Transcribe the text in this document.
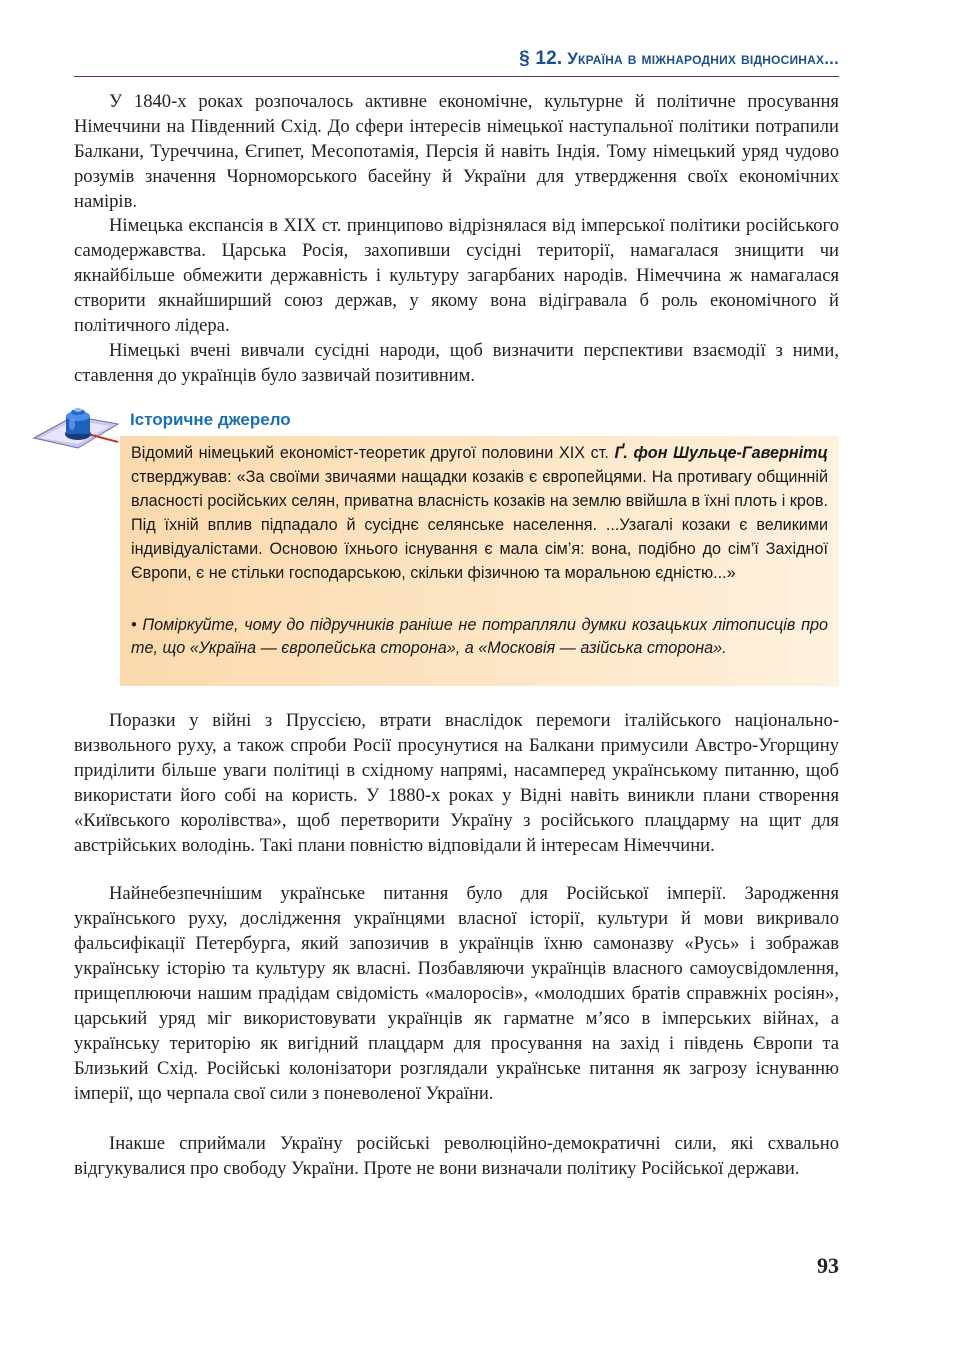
§ 12. Україна в міжнародних відносинах...

У 1840-х роках розпочалось активне економічне, культурне й політичне просування Німеччини на Південний Схід. До сфери інтересів німецької наступальної політики потрапили Балкани, Туреччина, Єгипет, Месопотамія, Персія й навіть Індія. Тому німецький уряд чудово розумів значення Чорноморського басейну й України для утвердження своїх економічних намірів.

Німецька експансія в XIX ст. принципово відрізнялася від імперської політики російського самодержавства. Царська Росія, захопивши сусідні території, намагалася знищити чи якнайбільше обмежити державність і культуру загарбаних народів. Німеччина ж намагалася створити якнайширший союз держав, у якому вона відігравала б роль економічного й політичного лідера.

Німецькі вчені вивчали сусідні народи, щоб визначити перспективи взаємодії з ними, ставлення до українців було зазвичай позитивним.

Історичне джерело

Відомий німецький економіст-теоретик другої половини XIX ст. Ґ. фон Шульце-Гавернітц стверджував: «За своїми звичаями нащадки козаків є європейцями. На противагу общинній власності російських селян, приватна власність козаків на землю ввійшла в їхні плоть і кров. Під їхній вплив підпадало й сусіднє селянське населення. ...Узагалі козаки є великими індивідуалістами. Основою їхнього існування є мала сім’я: вона, подібно до сім’ї Західної Європи, є не стільки господарською, скільки фізичною та моральною єдністю...»

• Поміркуйте, чому до підручників раніше не потрапляли думки козацьких літописців про те, що «Україна — європейська сторона», а «Московія — азійська сторона».

Поразки у війні з Пруссією, втрати внаслідок перемоги італійського національно-визвольного руху, а також спроби Росії просунутися на Балкани примусили Австро-Угорщину приділити більше уваги політиці в східному напрямі, насамперед українському питанню, щоб використати його собі на користь. У 1880-х роках у Відні навіть виникли плани створення «Київського королівства», щоб перетворити Україну з російського плацдарму на щит для австрійських володінь. Такі плани повністю відповідали й інтересам Німеччини.

Найнебезпечнішим українське питання було для Російської імперії. Зародження українського руху, дослідження українцями власної історії, культури й мови викривало фальсифікації Петербурга, який запозичив в українців їхню самоназву «Русь» і зображав українську історію та культуру як власні. Позбавляючи українців власного самоусвідомлення, прищеплюючи нашим прадідам свідомість «малоросів», «молодших братів справжніх росіян», царський уряд міг використовувати українців як гарматне м’ясо в імперських війнах, а українську територію як вигідний плацдарм для просування на захід і південь Європи та Близький Схід. Російські колонізатори розглядали українське питання як загрозу існуванню імперії, що черпала свої сили з поневоленої України.

Інакше сприймали Україну російські революційно-демократичні сили, які схвально відгукувалися про свободу України. Проте не вони визначали політику Російської держави.

93
